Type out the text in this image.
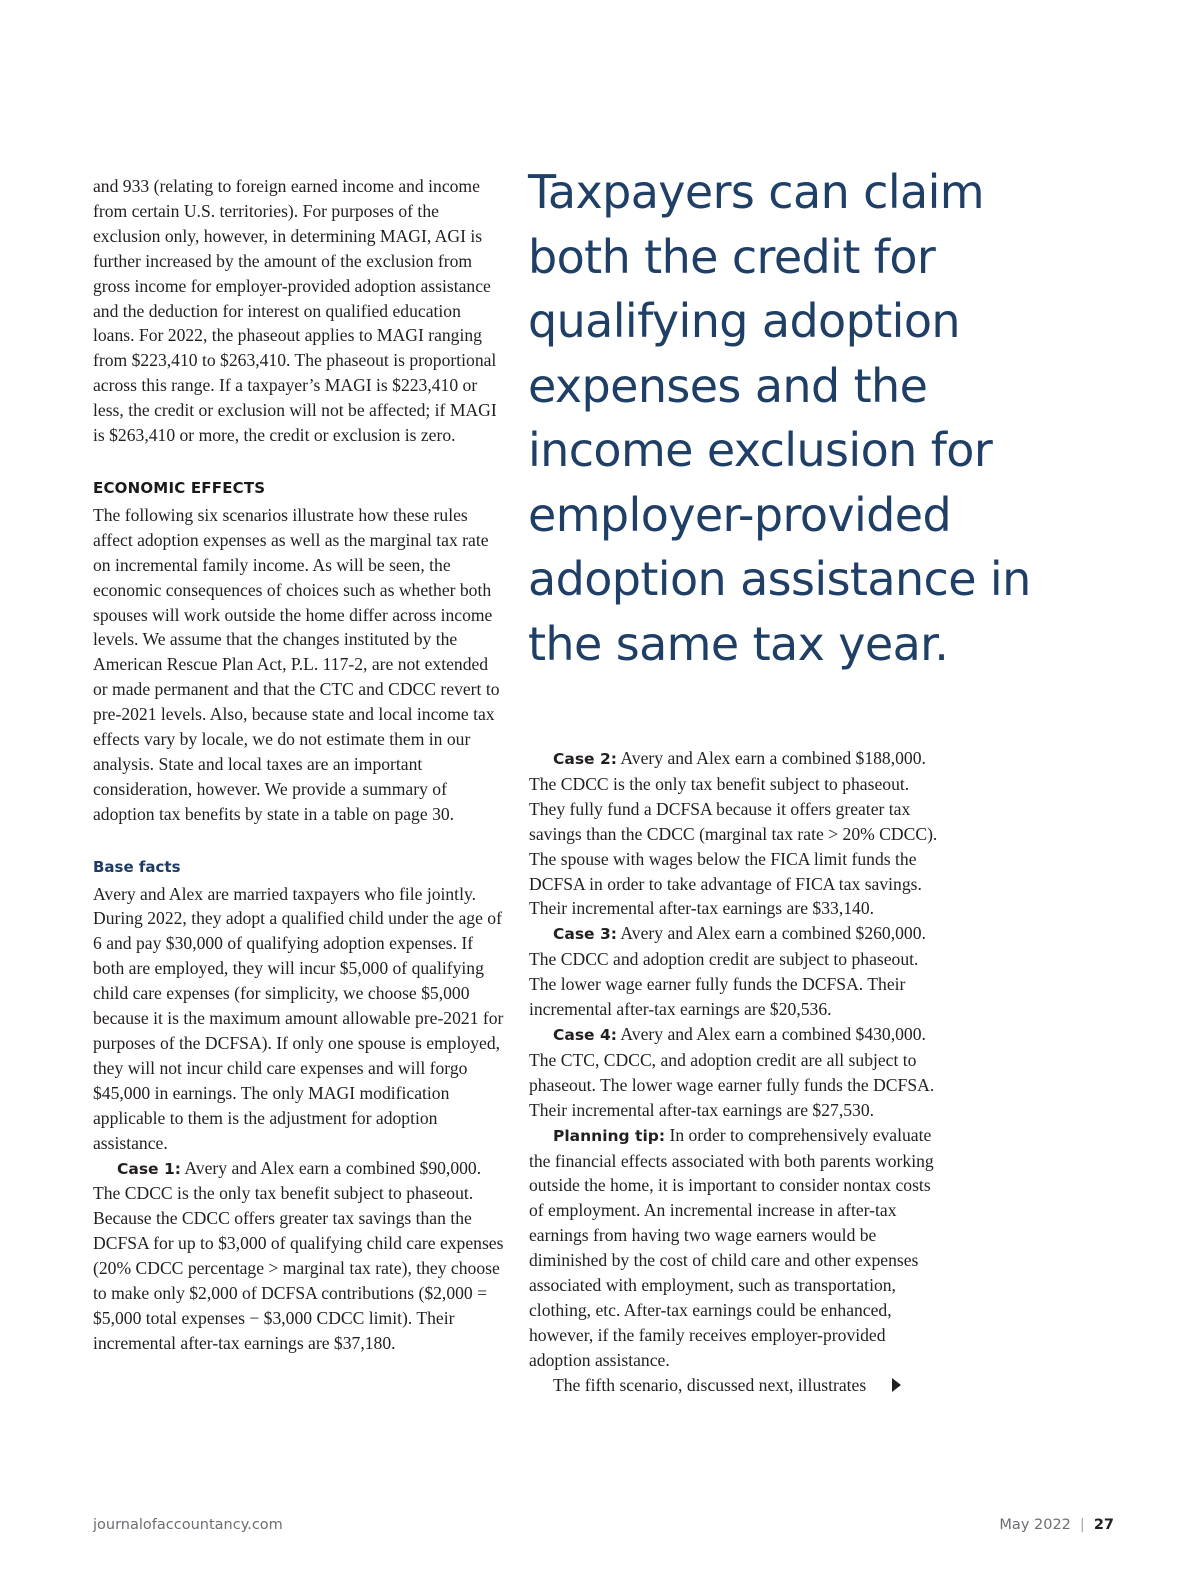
and 933 (relating to foreign earned income and income from certain U.S. territories). For purposes of the exclusion only, however, in determining MAGI, AGI is further increased by the amount of the exclusion from gross income for employer-provided adoption assistance and the deduction for interest on qualified education loans. For 2022, the phaseout applies to MAGI ranging from $223,410 to $263,410. The phaseout is proportional across this range. If a taxpayer’s MAGI is $223,410 or less, the credit or exclusion will not be affected; if MAGI is $263,410 or more, the credit or exclusion is zero.

ECONOMIC EFFECTS

The following six scenarios illustrate how these rules affect adoption expenses as well as the marginal tax rate on incremental family income. As will be seen, the economic consequences of choices such as whether both spouses will work outside the home differ across income levels. We assume that the changes instituted by the American Rescue Plan Act, P.L. 117-2, are not extended or made permanent and that the CTC and CDCC revert to pre-2021 levels. Also, because state and local income tax effects vary by locale, we do not estimate them in our analysis. State and local taxes are an important consideration, however. We provide a summary of adoption tax benefits by state in a table on page 30.

Base facts

Avery and Alex are married taxpayers who file jointly. During 2022, they adopt a qualified child under the age of 6 and pay $30,000 of qualifying adoption expenses. If both are employed, they will incur $5,000 of qualifying child care expenses (for simplicity, we choose $5,000 because it is the maximum amount allowable pre-2021 for purposes of the DCFSA). If only one spouse is employed, they will not incur child care expenses and will forgo $45,000 in earnings. The only MAGI modification applicable to them is the adjustment for adoption assistance.

Case 1: Avery and Alex earn a combined $90,000. The CDCC is the only tax benefit subject to phaseout. Because the CDCC offers greater tax savings than the DCFSA for up to $3,000 of qualifying child care expenses (20% CDCC percentage > marginal tax rate), they choose to make only $2,000 of DCFSA contributions ($2,000 = $5,000 total expenses − $3,000 CDCC limit). Their incremental after-tax earnings are $37,180.

Taxpayers can claim both the credit for qualifying adoption expenses and the income exclusion for employer-provided adoption assistance in the same tax year.

Case 2: Avery and Alex earn a combined $188,000. The CDCC is the only tax benefit subject to phaseout. They fully fund a DCFSA because it offers greater tax savings than the CDCC (marginal tax rate > 20% CDCC). The spouse with wages below the FICA limit funds the DCFSA in order to take advantage of FICA tax savings. Their incremental after-tax earnings are $33,140.

Case 3: Avery and Alex earn a combined $260,000. The CDCC and adoption credit are subject to phaseout. The lower wage earner fully funds the DCFSA. Their incremental after-tax earnings are $20,536.

Case 4: Avery and Alex earn a combined $430,000. The CTC, CDCC, and adoption credit are all subject to phaseout. The lower wage earner fully funds the DCFSA. Their incremental after-tax earnings are $27,530.

Planning tip: In order to comprehensively evaluate the financial effects associated with both parents working outside the home, it is important to consider nontax costs of employment. An incremental increase in after-tax earnings from having two wage earners would be diminished by the cost of child care and other expenses associated with employment, such as transportation, clothing, etc. After-tax earnings could be enhanced, however, if the family receives employer-provided adoption assistance.

The fifth scenario, discussed next, illustrates

journalofaccountancy.com	May 2022 | 27
